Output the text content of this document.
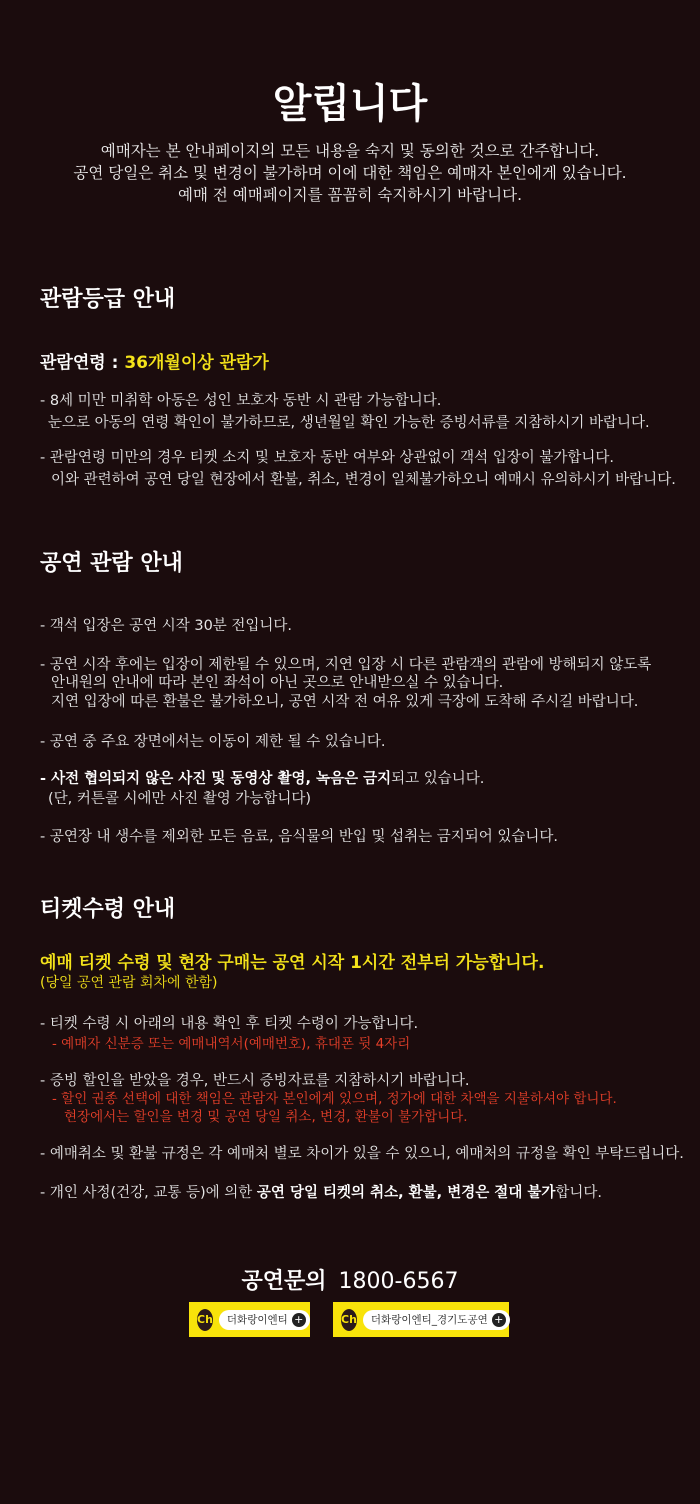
알립니다
예매자는 본 안내페이지의 모든 내용을 숙지 및 동의한 것으로 간주합니다.
공연 당일은 취소 및 변경이 불가하며 이에 대한 책임은 예매자 본인에게 있습니다.
예매 전 예매페이지를 꼼꼼히 숙지하시기 바랍니다.
관람등급 안내
관람연령 : 36개월이상 관람가
- 8세 미만 미취학 아동은 성인 보호자 동반 시 관람 가능합니다.
눈으로 아동의 연령 확인이 불가하므로, 생년월일 확인 가능한 증빙서류를 지참하시기 바랍니다.
- 관람연령 미만의 경우 티켓 소지 및 보호자 동반 여부와 상관없이 객석 입장이 불가합니다.
이와 관련하여 공연 당일 현장에서 환불, 취소, 변경이 일체불가하오니 예매시 유의하시기 바랍니다.
공연 관람 안내
- 객석 입장은 공연 시작 30분 전입니다.
- 공연 시작 후에는 입장이 제한될 수 있으며, 지연 입장 시 다른 관람객의 관람에 방해되지 않도록
안내원의 안내에 따라 본인 좌석이 아닌 곳으로 안내받으실 수 있습니다.
지연 입장에 따른 환불은 불가하오니, 공연 시작 전 여유 있게 극장에 도착해 주시길 바랍니다.
- 공연 중 주요 장면에서는 이동이 제한 될 수 있습니다.
- 사전 협의되지 않은 사진 및 동영상 촬영, 녹음은 금지되고 있습니다.
(단, 커튼콜 시에만 사진 촬영 가능합니다)
- 공연장 내 생수를 제외한 모든 음료, 음식물의 반입 및 섭취는 금지되어 있습니다.
티켓수령 안내
예매 티켓 수령 및 현장 구매는 공연 시작 1시간 전부터 가능합니다.
(당일 공연 관람 회차에 한함)
- 티켓 수령 시 아래의 내용 확인 후 티켓 수령이 가능합니다.
- 예매자 신분증 또는 예매내역서(예매번호), 휴대폰 뒷 4자리
- 증빙 할인을 받았을 경우, 반드시 증빙자료를 지참하시기 바랍니다.
- 할인 권종 선택에 대한 책임은 관람자 본인에게 있으며, 정가에 대한 차액을 지불하셔야 합니다.
현장에서는 할인을 변경 및 공연 당일 취소, 변경, 환불이 불가합니다.
- 예매취소 및 환불 규정은 각 예매처 별로 차이가 있을 수 있으니, 예매처의 규정을 확인 부탁드립니다.
- 개인 사정(건강, 교통 등)에 의한 공연 당일 티켓의 취소, 환불, 변경은 절대 불가합니다.
공연문의 1800-6567
Ch 더화랑이엔티 +	Ch 더화랑이엔티_경기도공연 +
